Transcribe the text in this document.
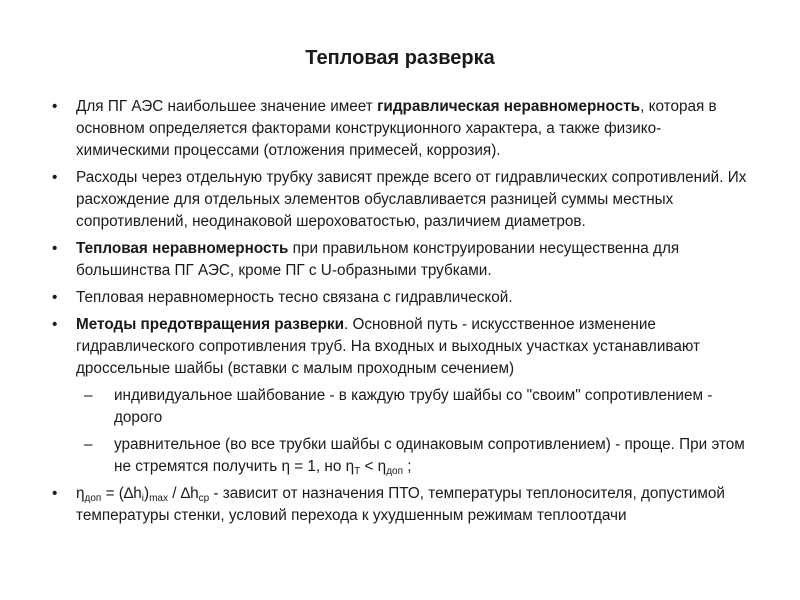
Тепловая разверка
• Для ПГ АЭС наибольшее значение имеет гидравлическая неравномерность, которая в основном определяется факторами конструкционного характера, а также физико-химическими процессами (отложения примесей, коррозия).
• Расходы через отдельную трубку зависят прежде всего от гидравлических сопротивлений. Их расхождение для отдельных элементов обуславливается разницей суммы местных сопротивлений, неодинаковой шероховатостью, различием диаметров.
• Тепловая неравномерность при правильном конструировании несущественна для большинства ПГ АЭС, кроме ПГ с U-образными трубками.
• Тепловая неравномерность тесно связана с гидравлической.
• Методы предотвращения разверки. Основной путь - искусственное изменение гидравлического сопротивления труб. На входных и выходных участках устанавливают дроссельные шайбы (вставки с малым проходным сечением)
– индивидуальное шайбование - в каждую трубу шайбы со "своим" сопротивлением - дорого
– уравнительное (во все трубки шайбы с одинаковым сопротивлением) - проще. При этом не стремятся получить η = 1, но $\eta_Т < \eta_{доп}$ ;
• $\eta_{доп} = (\Delta h_i)_{max} / \Delta h_{ср}$ - зависит от назначения ПТО, температуры теплоносителя, допустимой температуры стенки, условий перехода к ухудшенным режимам теплоотдачи
